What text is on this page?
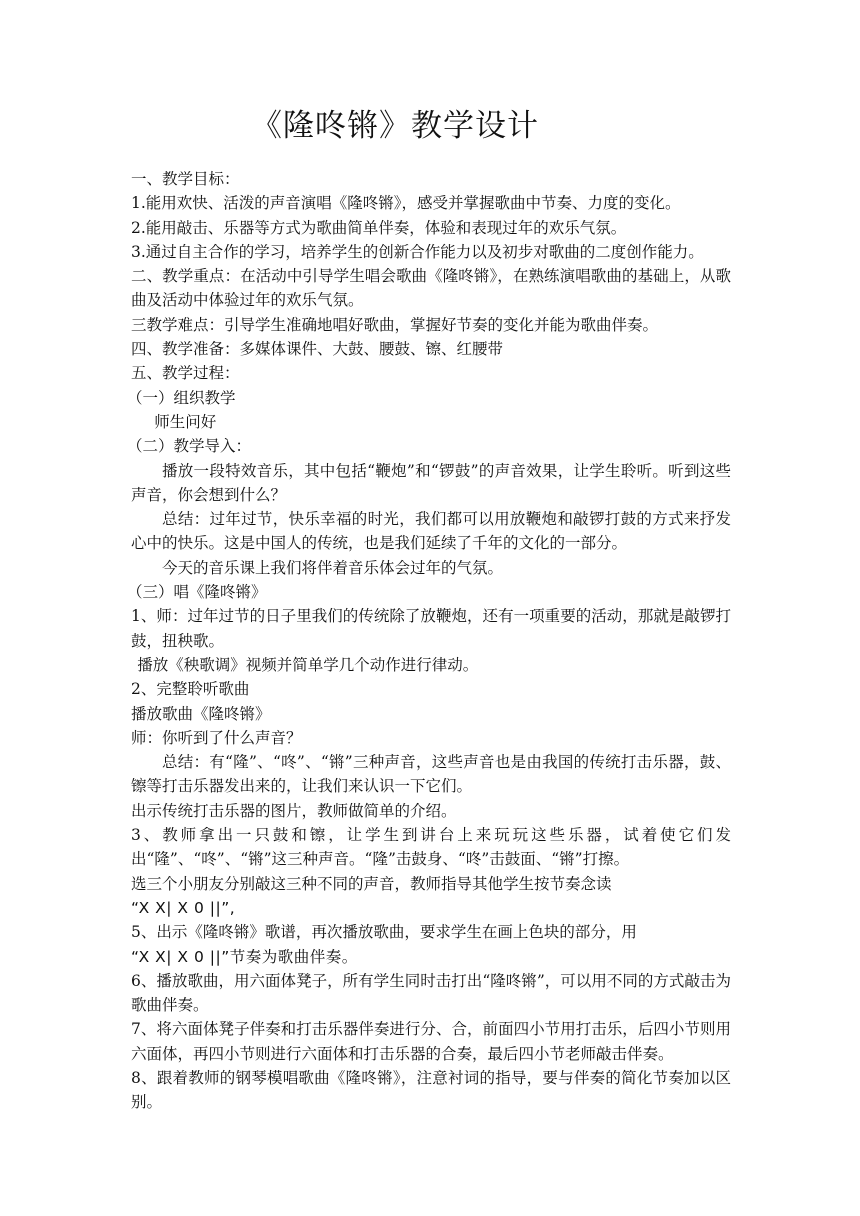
《隆咚锵》教学设计

一、教学目标：

1.能用欢快、活泼的声音演唱《隆咚锵》，感受并掌握歌曲中节奏、力度的变化。

2.能用敲击、乐器等方式为歌曲简单伴奏，体验和表现过年的欢乐气氛。

3.通过自主合作的学习，培养学生的创新合作能力以及初步对歌曲的二度创作能力。

二、教学重点：在活动中引导学生唱会歌曲《隆咚锵》，在熟练演唱歌曲的基础上，从歌曲及活动中体验过年的欢乐气氛。

三教学难点：引导学生准确地唱好歌曲，掌握好节奏的变化并能为歌曲伴奏。

四、教学准备：多媒体课件、大鼓、腰鼓、镲、红腰带

五、教学过程：

（一）组织教学

师生问好

（二）教学导入：

播放一段特效音乐，其中包括“鞭炮”和“锣鼓”的声音效果，让学生聆听。听到这些声音，你会想到什么？

总结：过年过节，快乐幸福的时光，我们都可以用放鞭炮和敲锣打鼓的方式来抒发心中的快乐。这是中国人的传统，也是我们延续了千年的文化的一部分。

今天的音乐课上我们将伴着音乐体会过年的气氛。

（三）唱《隆咚锵》

1、师：过年过节的日子里我们的传统除了放鞭炮，还有一项重要的活动，那就是敲锣打鼓，扭秧歌。

播放《秧歌调》视频并简单学几个动作进行律动。

2、完整聆听歌曲

播放歌曲《隆咚锵》

师：你听到了什么声音？

总结：有“隆”、“咚”、“锵”三种声音，这些声音也是由我国的传统打击乐器，鼓、镲等打击乐器发出来的，让我们来认识一下它们。

出示传统打击乐器的图片，教师做简单的介绍。

3、教师拿出一只鼓和镲，让学生到讲台上来玩玩这些乐器，试着使它们发出“隆”、“咚”、“锵”这三种声音。“隆”击鼓身、“咚”击鼓面、“锵”打擦。

选三个小朋友分别敲这三种不同的声音，教师指导其他学生按节奏念读

“X X| X 0 ||”,

5、出示《隆咚锵》歌谱，再次播放歌曲，要求学生在画上色块的部分，用

“X X| X 0 ||”节奏为歌曲伴奏。

6、播放歌曲，用六面体凳子，所有学生同时击打出“隆咚锵”，可以用不同的方式敲击为歌曲伴奏。

7、将六面体凳子伴奏和打击乐器伴奏进行分、合，前面四小节用打击乐，后四小节则用六面体，再四小节则进行六面体和打击乐器的合奏，最后四小节老师敲击伴奏。

8、跟着教师的钢琴模唱歌曲《隆咚锵》，注意衬词的指导，要与伴奏的简化节奏加以区别。
